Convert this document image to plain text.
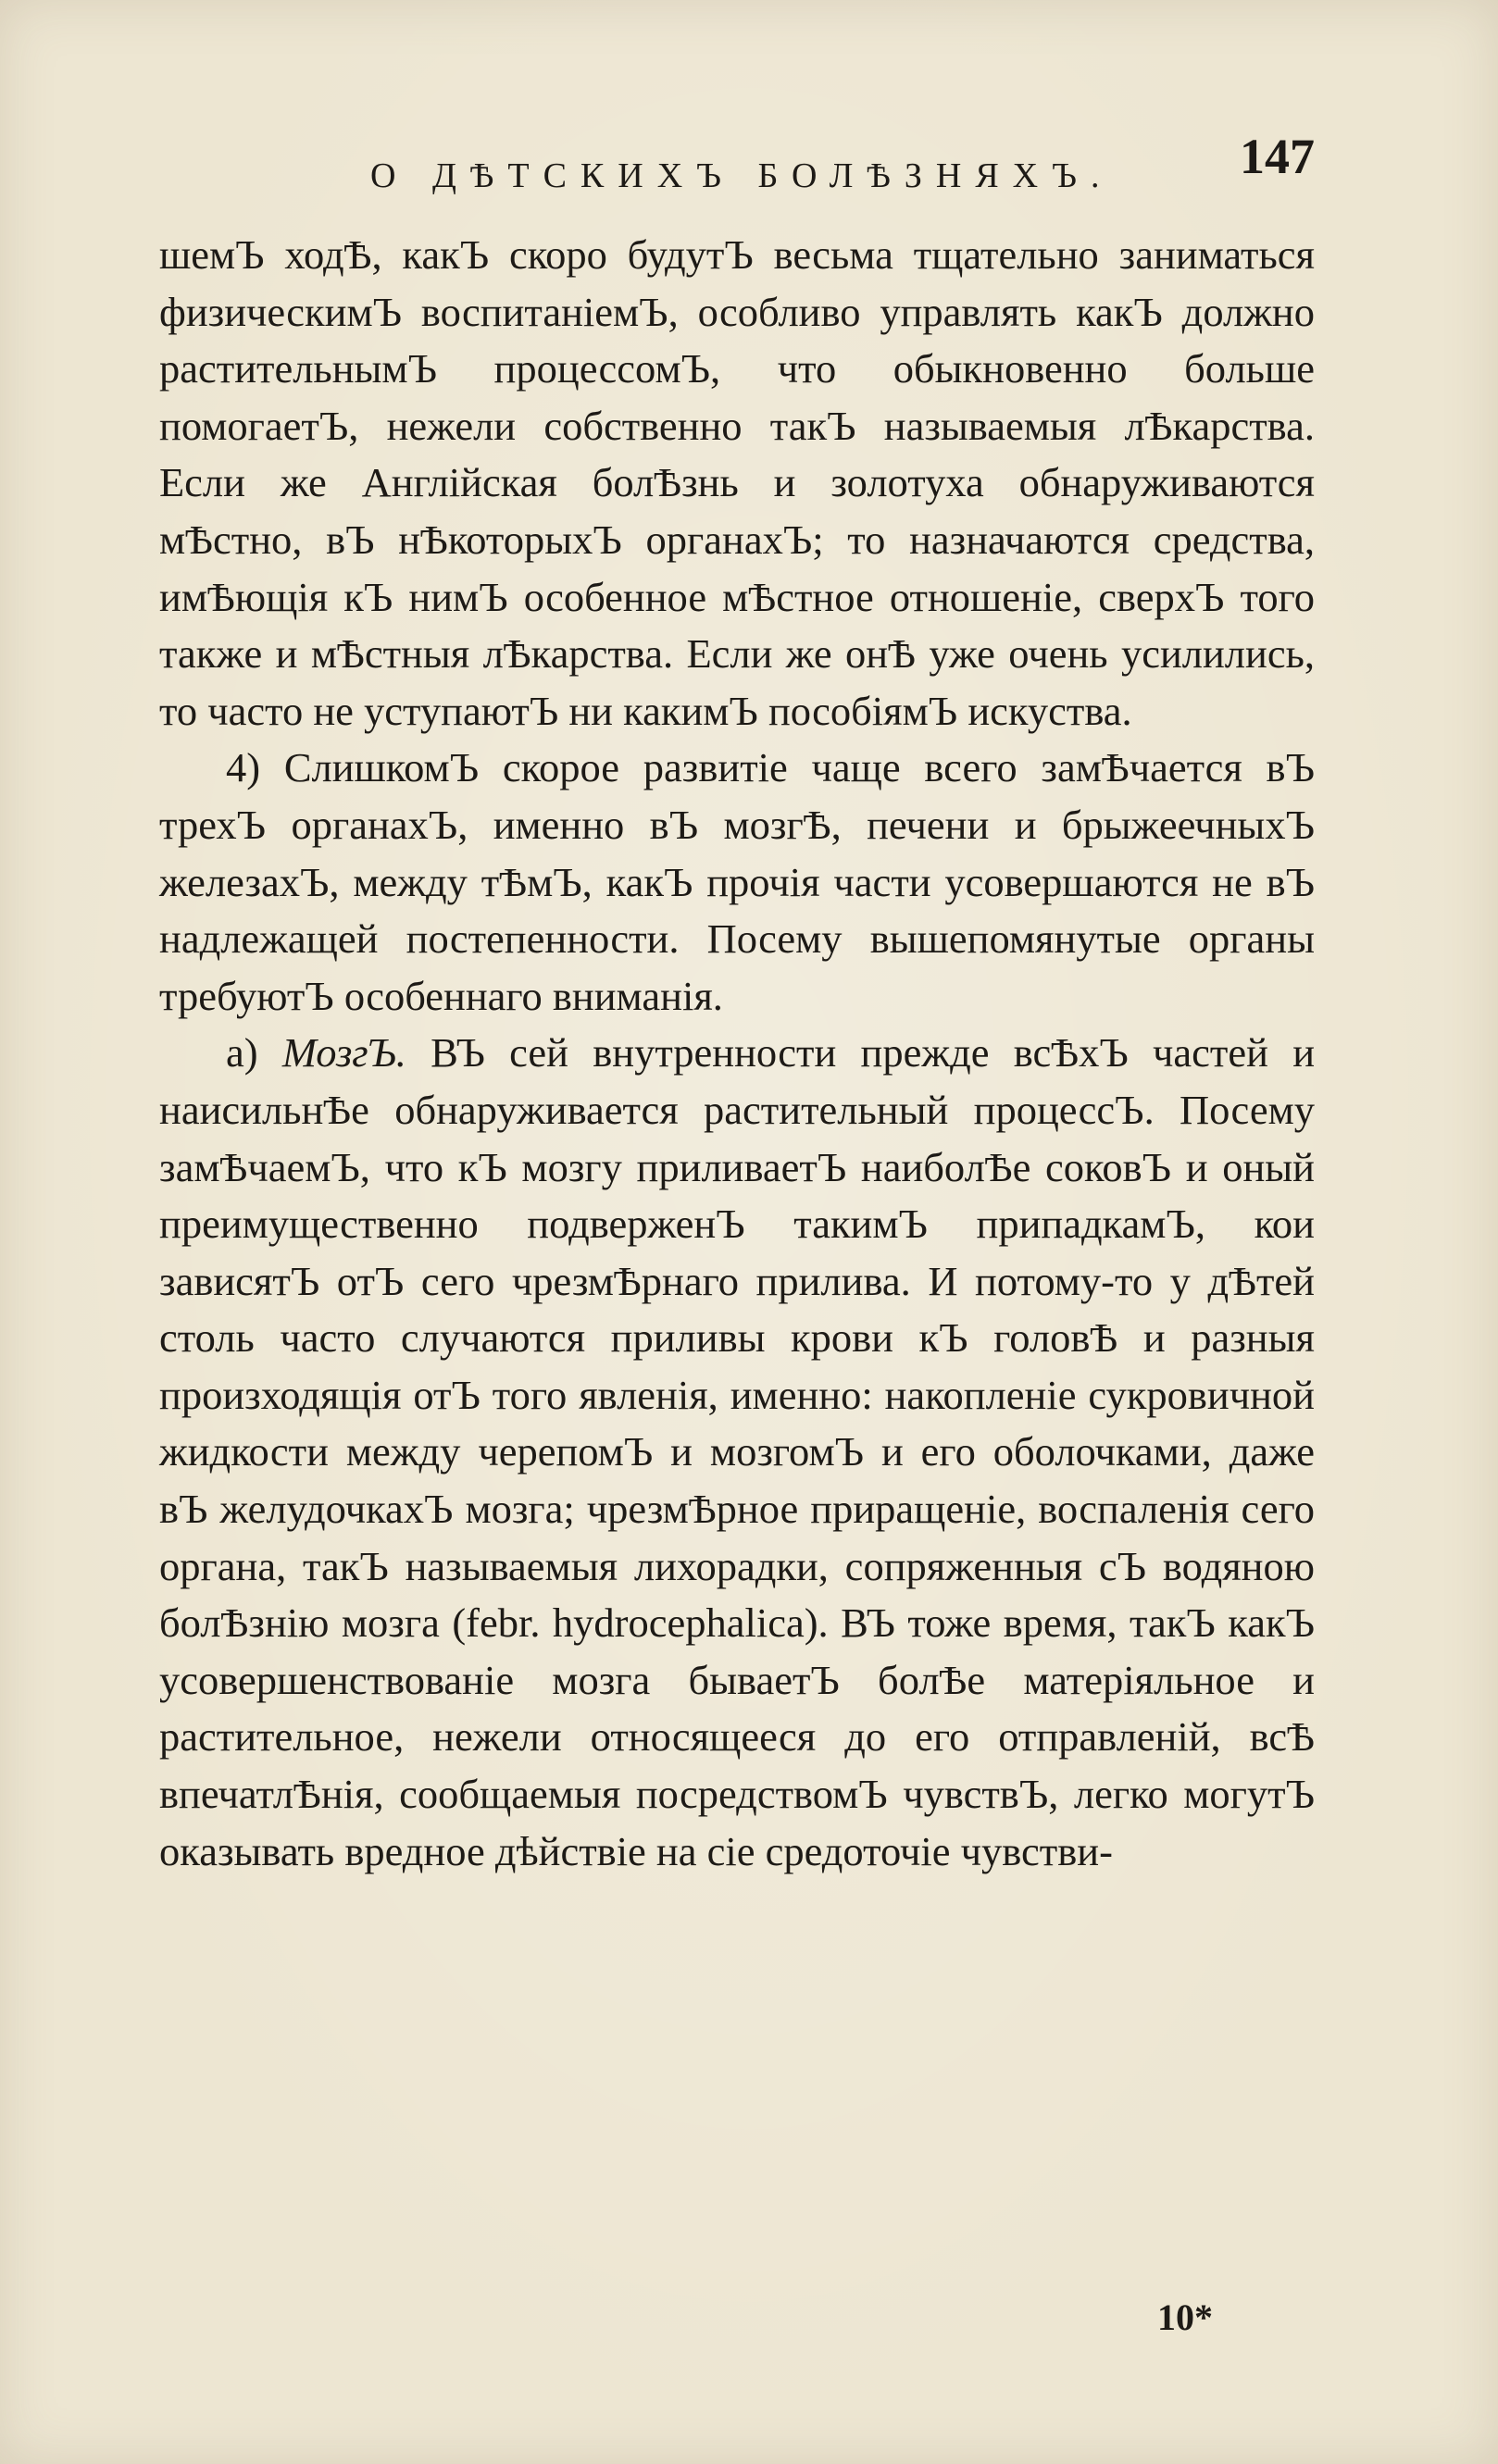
О ДѢТСКИХЪ БОЛѢЗНЯХЪ.	147

шемЪ ходѢ, какЪ скоро будутЪ весьма тщательно заниматься физическимЪ воспитаніемЪ, особливо управлять какЪ должно растительнымЪ процессомЪ, что обыкновенно больше помогаетЪ, нежели собственно такЪ называемыя лѢкарства. Если же Англійская болѢзнь и золотуха обнаруживаются мѢстно, вЪ нѢкоторыхЪ органахЪ; то назначаются средства, имѢющія кЪ нимЪ особенное мѢстное отношеніе, сверхЪ того также и мѢстныя лѢкарства. Если же онѢ уже очень усилились, то часто не уступаютЪ ни какимЪ пособіямЪ искуства.

4) СлишкомЪ скорое развитіе чаще всего замѢчается вЪ трехЪ органахЪ, именно вЪ мозгѢ, печени и брыжеечныхЪ железахЪ, между тѢмЪ, какЪ прочія части усовершаются не вЪ надлежащей постепенности. Посему вышепомянутые органы требуютЪ особеннаго вниманія.

а) МозгЪ. ВЪ сей внутренности прежде всѢхЪ частей и наисильнѢе обнаруживается растительный процессЪ. Посему замѢчаемЪ, что кЪ мозгу приливаетЪ наиболѢе соковЪ и оный преимущественно подверженЪ такимЪ припадкамЪ, кои зависятЪ отЪ сего чрезмѢрнаго прилива. И потому-то у дѢтей столь часто случаются приливы крови кЪ головѢ и разныя произходящія отЪ того явленія, именно: накопленіе сукровичной жидкости между черепомЪ и мозгомЪ и его оболочками, даже вЪ желудочкахЪ мозга; чрезмѢрное приращеніе, воспаленія сего органа, такЪ называемыя лихорадки, сопряженныя сЪ водяною болѢзнію мозга (febr. hydrocephalica). ВЪ тоже время, такЪ какЪ усовершенствованіе мозга бываетЪ болѢе матеріяльное и растительное, нежели относящееся до его отправленій, всѢ впечатлѢнія, сообщаемыя посредствомЪ чувствЪ, легко могутЪ оказывать вредное дѣйствіе на сіе средоточіе чувстви-

10*
